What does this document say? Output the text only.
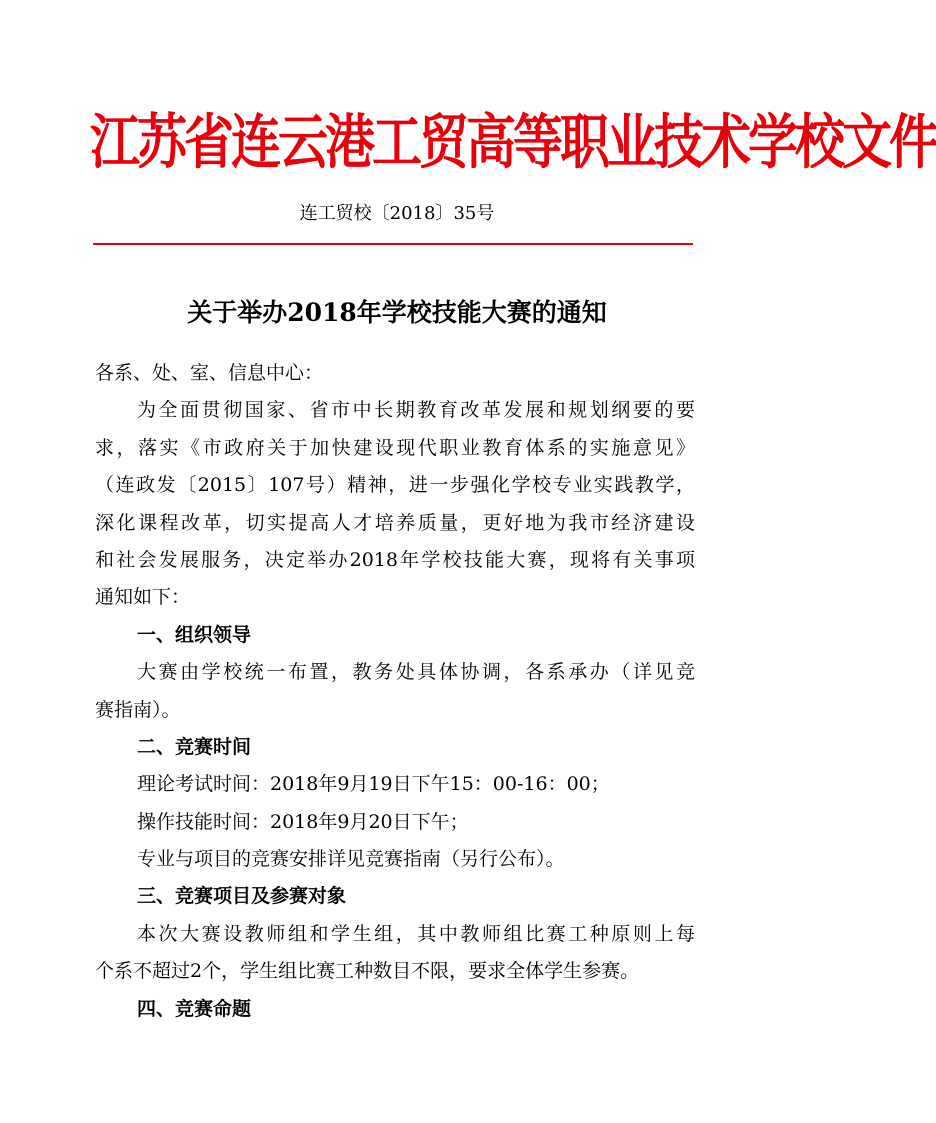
江苏省连云港工贸高等职业技术学校文件
连工贸校〔2018〕35号
关于举办2018年学校技能大赛的通知
各系、处、室、信息中心：
为全面贯彻国家、省市中长期教育改革发展和规划纲要的要
求，落实《市政府关于加快建设现代职业教育体系的实施意见》
（连政发〔2015〕107号）精神，进一步强化学校专业实践教学，
深化课程改革，切实提高人才培养质量，更好地为我市经济建设
和社会发展服务，决定举办2018年学校技能大赛，现将有关事项
通知如下：
一、组织领导
大赛由学校统一布置，教务处具体协调，各系承办（详见竞
赛指南）。
二、竞赛时间
理论考试时间：2018年9月19日下午15：00-16：00；
操作技能时间：2018年9月20日下午；
专业与项目的竞赛安排详见竞赛指南（另行公布）。
三、竞赛项目及参赛对象
本次大赛设教师组和学生组，其中教师组比赛工种原则上每
个系不超过2个，学生组比赛工种数目不限，要求全体学生参赛。
四、竞赛命题
